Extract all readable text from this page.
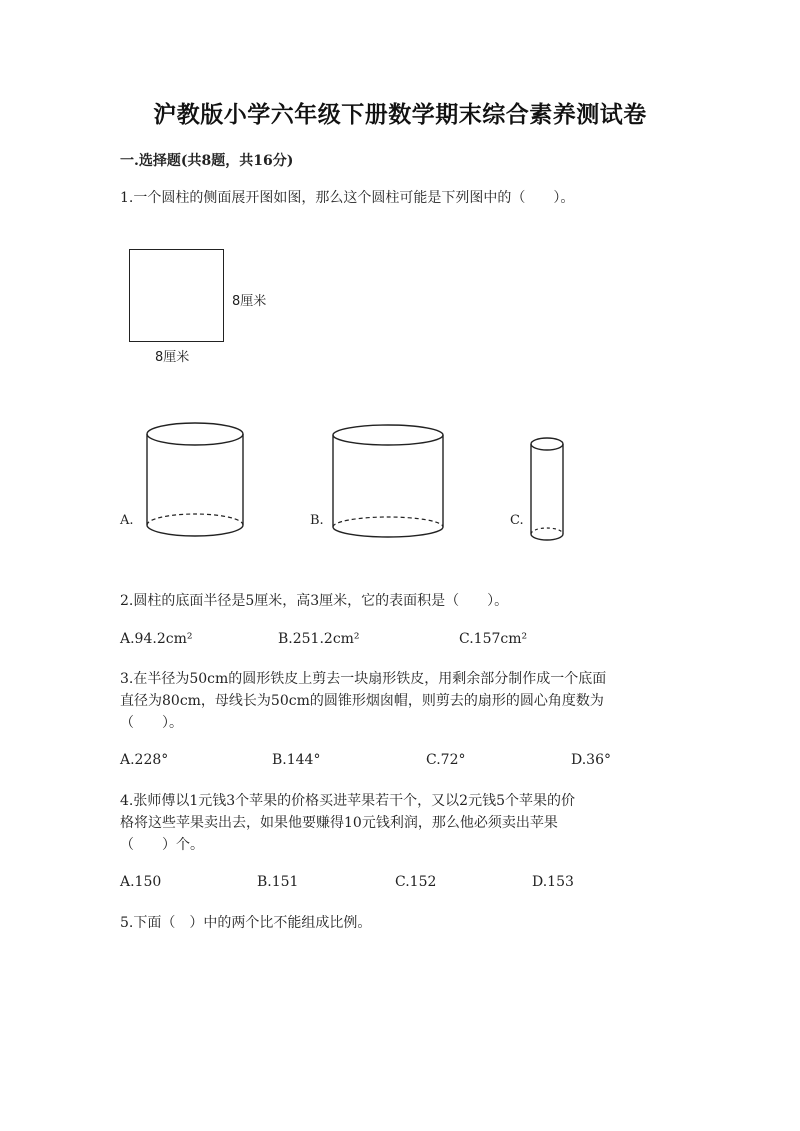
沪教版小学六年级下册数学期末综合素养测试卷
一.选择题(共8题，共16分)
1.一个圆柱的侧面展开图如图，那么这个圆柱可能是下列图中的（　　）。
8厘米
8厘米
A.	B.	C.
2.圆柱的底面半径是5厘米，高3厘米，它的表面积是（　　）。
A.94.2cm²	B.251.2cm²	C.157cm²
3.在半径为50cm的圆形铁皮上剪去一块扇形铁皮，用剩余部分制作成一个底面
直径为80cm，母线长为50cm的圆锥形烟囱帽，则剪去的扇形的圆心角度数为
（　　）。
A.228°	B.144°	C.72°	D.36°
4.张师傅以1元钱3个苹果的价格买进苹果若干个，又以2元钱5个苹果的价
格将这些苹果卖出去，如果他要赚得10元钱利润，那么他必须卖出苹果
（　　）个。
A.150	B.151	C.152	D.153
5.下面（　）中的两个比不能组成比例。
